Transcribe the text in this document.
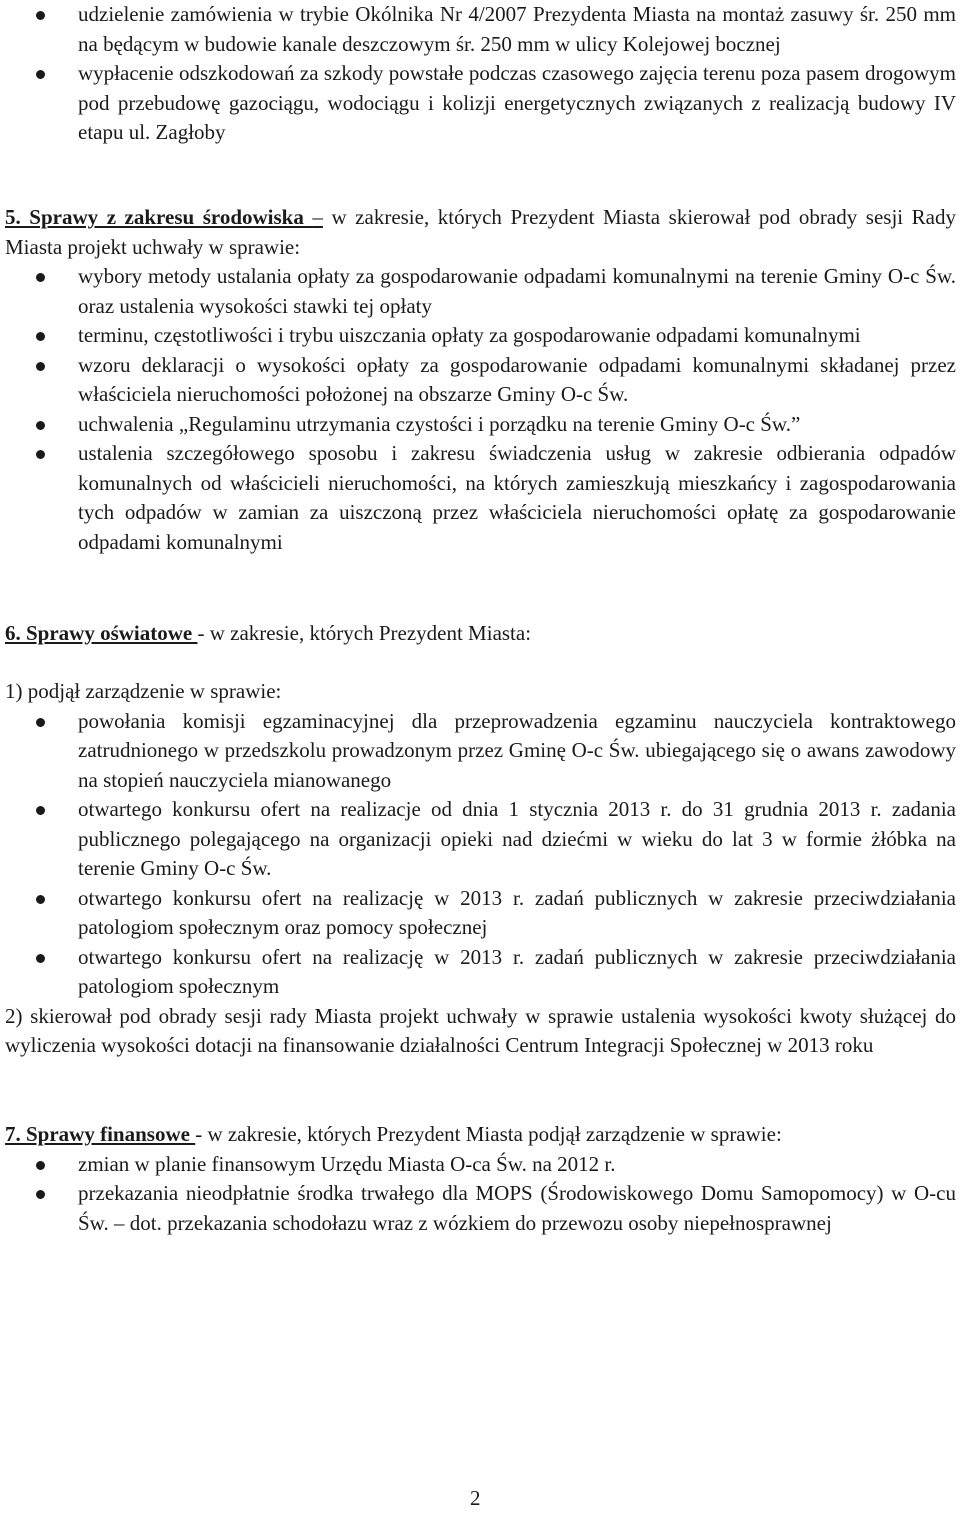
udzielenie zamówienia w trybie Okólnika Nr 4/2007 Prezydenta Miasta na montaż zasuwy śr. 250 mm na będącym w budowie kanale deszczowym śr. 250 mm w ulicy Kolejowej bocznej
wypłacenie odszkodowań za szkody powstałe podczas czasowego zajęcia terenu poza pasem drogowym pod przebudowę gazociągu, wodociągu i kolizji energetycznych związanych z realizacją budowy IV etapu ul. Zagłoby

5. Sprawy z zakresu środowiska – w zakresie, których Prezydent Miasta skierował pod obrady sesji Rady Miasta projekt uchwały w sprawie:

wybory metody ustalania opłaty za gospodarowanie odpadami komunalnymi na terenie Gminy O-c Św. oraz ustalenia wysokości stawki tej opłaty
terminu, częstotliwości i trybu uiszczania opłaty za gospodarowanie odpadami komunalnymi
wzoru deklaracji o wysokości opłaty za gospodarowanie odpadami komunalnymi składanej przez właściciela nieruchomości położonej na obszarze Gminy O-c Św.
uchwalenia „Regulaminu utrzymania czystości i porządku na terenie Gminy O-c Św.”
ustalenia szczegółowego sposobu i zakresu świadczenia usług w zakresie odbierania odpadów komunalnych od właścicieli nieruchomości, na których zamieszkują mieszkańcy i zagospodarowania tych odpadów w zamian za uiszczoną przez właściciela nieruchomości opłatę za gospodarowanie odpadami komunalnymi

6. Sprawy oświatowe - w zakresie, których Prezydent Miasta:

1) podjął zarządzenie w sprawie:

powołania komisji egzaminacyjnej dla przeprowadzenia egzaminu nauczyciela kontraktowego zatrudnionego w przedszkolu prowadzonym przez Gminę O-c Św. ubiegającego się o awans zawodowy na stopień nauczyciela mianowanego
otwartego konkursu ofert na realizacje od dnia 1 stycznia 2013 r. do 31 grudnia 2013 r. zadania publicznego polegającego na organizacji opieki nad dziećmi w wieku do lat 3 w formie żłóbka na terenie Gminy O-c Św.
otwartego konkursu ofert na realizację w 2013 r. zadań publicznych w zakresie przeciwdziałania patologiom społecznym oraz pomocy społecznej
otwartego konkursu ofert na realizację w 2013 r. zadań publicznych w zakresie przeciwdziałania patologiom społecznym

2) skierował pod obrady sesji rady Miasta projekt uchwały w sprawie ustalenia wysokości kwoty służącej do wyliczenia wysokości dotacji na finansowanie działalności Centrum Integracji Społecznej w 2013 roku

7. Sprawy finansowe - w zakresie, których Prezydent Miasta podjął zarządzenie w sprawie:

zmian w planie finansowym Urzędu Miasta O-ca Św. na 2012 r.
przekazania nieodpłatnie środka trwałego dla MOPS (Środowiskowego Domu Samopomocy) w O-cu Św. – dot. przekazania schodołazu wraz z wózkiem do przewozu osoby niepełnosprawnej
2
